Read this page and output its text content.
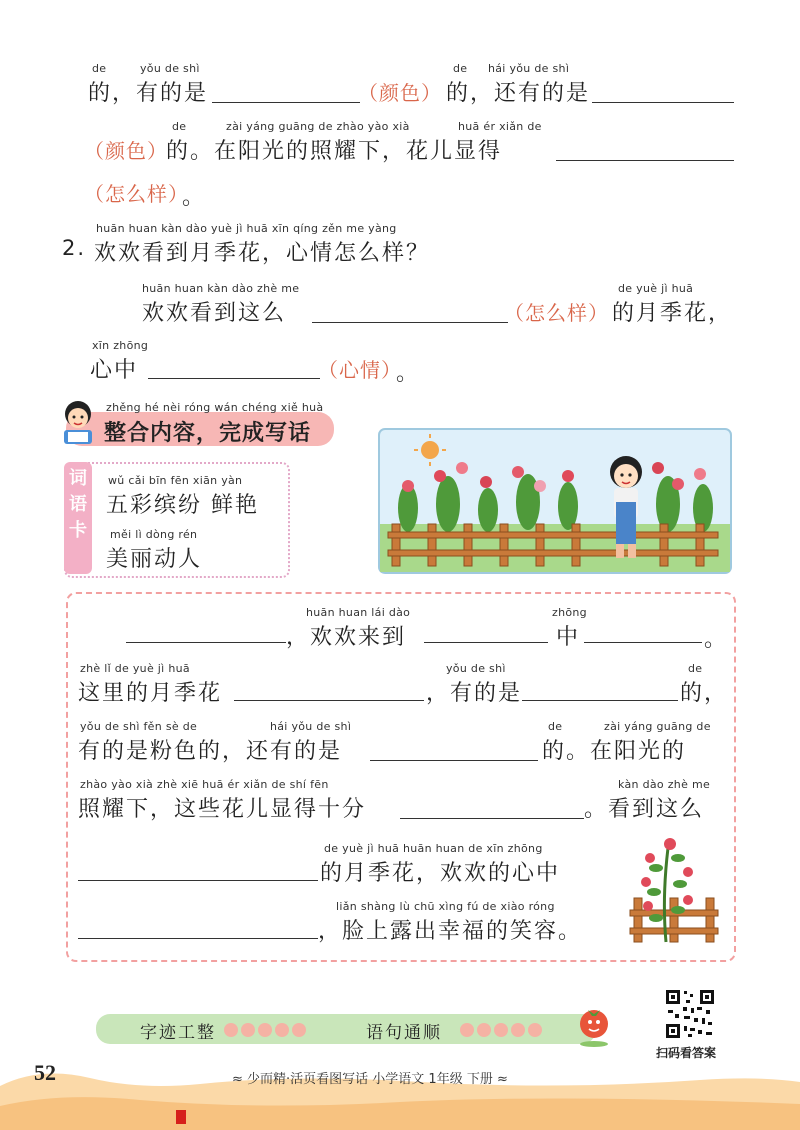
de	yǒu de shì	de hái yǒu de shì
的，有的是	（颜色） 的，还有的是
de	zài yáng guāng de zhào yào xià	huā ér xiǎn de
（颜色）
的。在阳光的照耀下，花儿显得
（怎么样）
。
huān huan kàn dào yuè jì huā xīn qíng zěn me yàng
2. 欢欢看到月季花，心情怎么样？
huān huan kàn dào zhè me
欢欢看到这么	（怎么样）
de yuè jì huā
的月季花，
xīn zhōng
心中	（心情）
。
zhěng hé nèi róng wán chéng xiě huà
整合内容，完成写话
词
语
卡
wǔ cǎi bīn fēn xiān yàn
五彩缤纷 鲜艳
měi lì dòng rén
美丽动人
huān huan lái dào
，欢欢来到
zhōng
中	。
zhè lǐ de yuè jì huā
这里的月季花
yǒu de shì
，有的是
de
的，
yǒu de shì fěn sè de	hái yǒu de shì
有的是粉色的，还有的是
de	zài yáng guāng de
的。在阳光的
zhào yào xià zhè xiē huā ér xiǎn de shí fēn
照耀下，这些花儿显得十分
kàn dào zhè me
。看到这么
de yuè jì huā huān huan de xīn zhōng
的月季花，欢欢的心中
liǎn shàng lù chū xìng fú de xiào róng
，脸上露出幸福的笑容。
字迹工整	语句通顺
扫码看答案
52	≈ 少而精·活页看图写话 小学语文 1年级 下册 ≈
